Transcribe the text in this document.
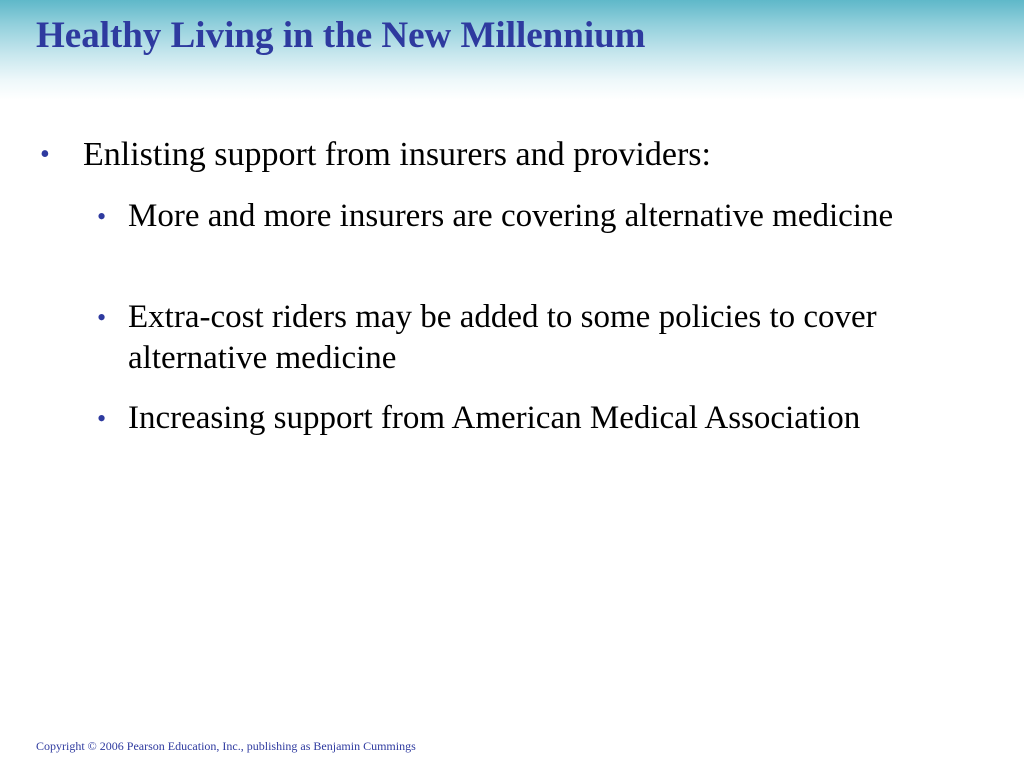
Healthy Living in the New Millennium
• Enlisting support from insurers and providers:
• More and more insurers are covering alternative medicine
• Extra-cost riders may be added to some policies to cover alternative medicine
• Increasing support from American Medical Association
Copyright © 2006 Pearson Education, Inc., publishing as Benjamin Cummings
